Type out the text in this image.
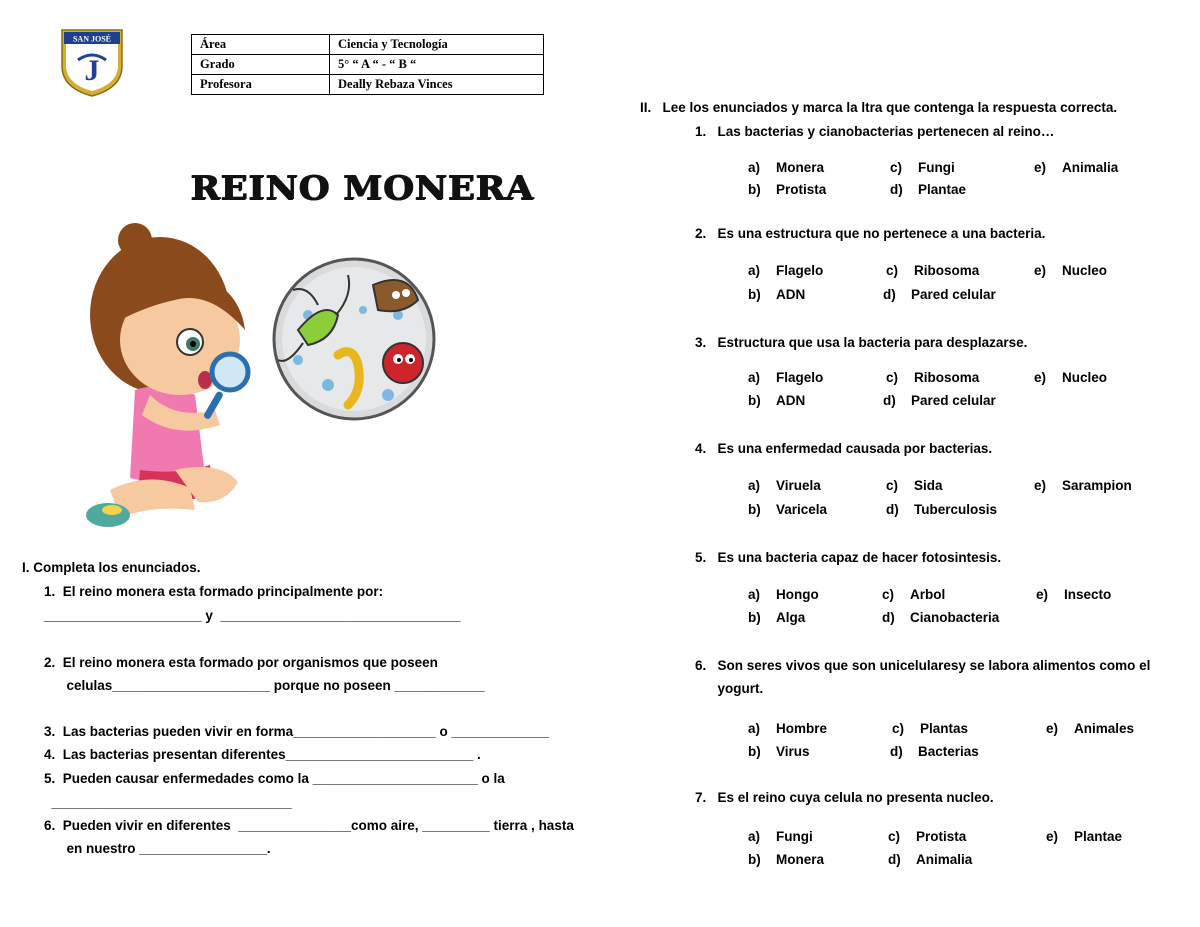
SAN JOSÉ
J
Área	Ciencia y Tecnología
Grado	5° “ A “ - “ B “
Profesora	Deally Rebaza Vinces
REINO MONERA
I. Completa los enunciados.
1.  El reino monera esta formado principalmente por:
_____________________ y  ________________________________
2.  El reino monera esta formado por organismos que poseen
celulas_____________________ porque no poseen ____________
3.  Las bacterias pueden vivir en forma___________________ o _____________
4.  Las bacterias presentan diferentes_________________________ .
5.  Pueden causar enfermedades como la ______________________ o la
________________________________
6.  Pueden vivir en diferentes  _______________como aire, _________ tierra , hasta
en nuestro _________________.
II.   Lee los enunciados y marca la ltra que contenga la respuesta correcta.
1.   Las bacterias y cianobacterias pertenecen al reino…
a) Monera	c) Fungi	e) Animalia
b) Protista	d) Plantae
2.   Es una estructura que no pertenece a una bacteria.
a) Flagelo	c) Ribosoma	e) Nucleo
b) ADN	d) Pared celular
3.   Estructura que usa la bacteria para desplazarse.
a) Flagelo	c) Ribosoma	e) Nucleo
b) ADN	d) Pared celular
4.   Es una enfermedad causada por bacterias.
a) Viruela	c) Sida	e) Sarampion
b) Varicela	d) Tuberculosis
5.   Es una bacteria capaz de hacer fotosintesis.
a) Hongo	c) Arbol	e) Insecto
b) Alga	d) Cianobacteria
6.   Son seres vivos que son unicelularesy se labora alimentos como el
yogurt.
a) Hombre	c) Plantas	e) Animales
b) Virus	d) Bacterias
7.   Es el reino cuya celula no presenta nucleo.
a) Fungi	c) Protista	e) Plantae
b) Monera	d) Animalia
